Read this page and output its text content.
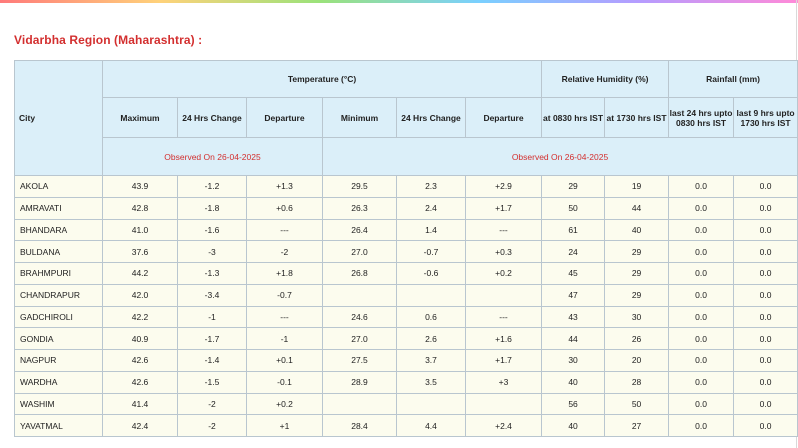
Vidarbha Region (Maharashtra) :
City	Temperature (°C)						Relative Humidity (%)		Rainfall (mm)	
	Maximum	24 Hrs Change	Departure	Minimum	24 Hrs Change	Departure	at 0830 hrs IST	at 1730 hrs IST	last 24 hrs upto 0830 hrs IST	last 9 hrs upto 1730 hrs IST
	Observed On 26-04-2025			Observed On 26-04-2025						
AKOLA	43.9	-1.2	+1.3	29.5	2.3	+2.9	29	19	0.0	0.0
AMRAVATI	42.8	-1.8	+0.6	26.3	2.4	+1.7	50	44	0.0	0.0
BHANDARA	41.0	-1.6	---	26.4	1.4	---	61	40	0.0	0.0
BULDANA	37.6	-3	-2	27.0	-0.7	+0.3	24	29	0.0	0.0
BRAHMPURI	44.2	-1.3	+1.8	26.8	-0.6	+0.2	45	29	0.0	0.0
CHANDRAPUR	42.0	-3.4	-0.7				47	29	0.0	0.0
GADCHIROLI	42.2	-1	---	24.6	0.6	---	43	30	0.0	0.0
GONDIA	40.9	-1.7	-1	27.0	2.6	+1.6	44	26	0.0	0.0
NAGPUR	42.6	-1.4	+0.1	27.5	3.7	+1.7	30	20	0.0	0.0
WARDHA	42.6	-1.5	-0.1	28.9	3.5	+3	40	28	0.0	0.0
WASHIM	41.4	-2	+0.2				56	50	0.0	0.0
YAVATMAL	42.4	-2	+1	28.4	4.4	+2.4	40	27	0.0	0.0
